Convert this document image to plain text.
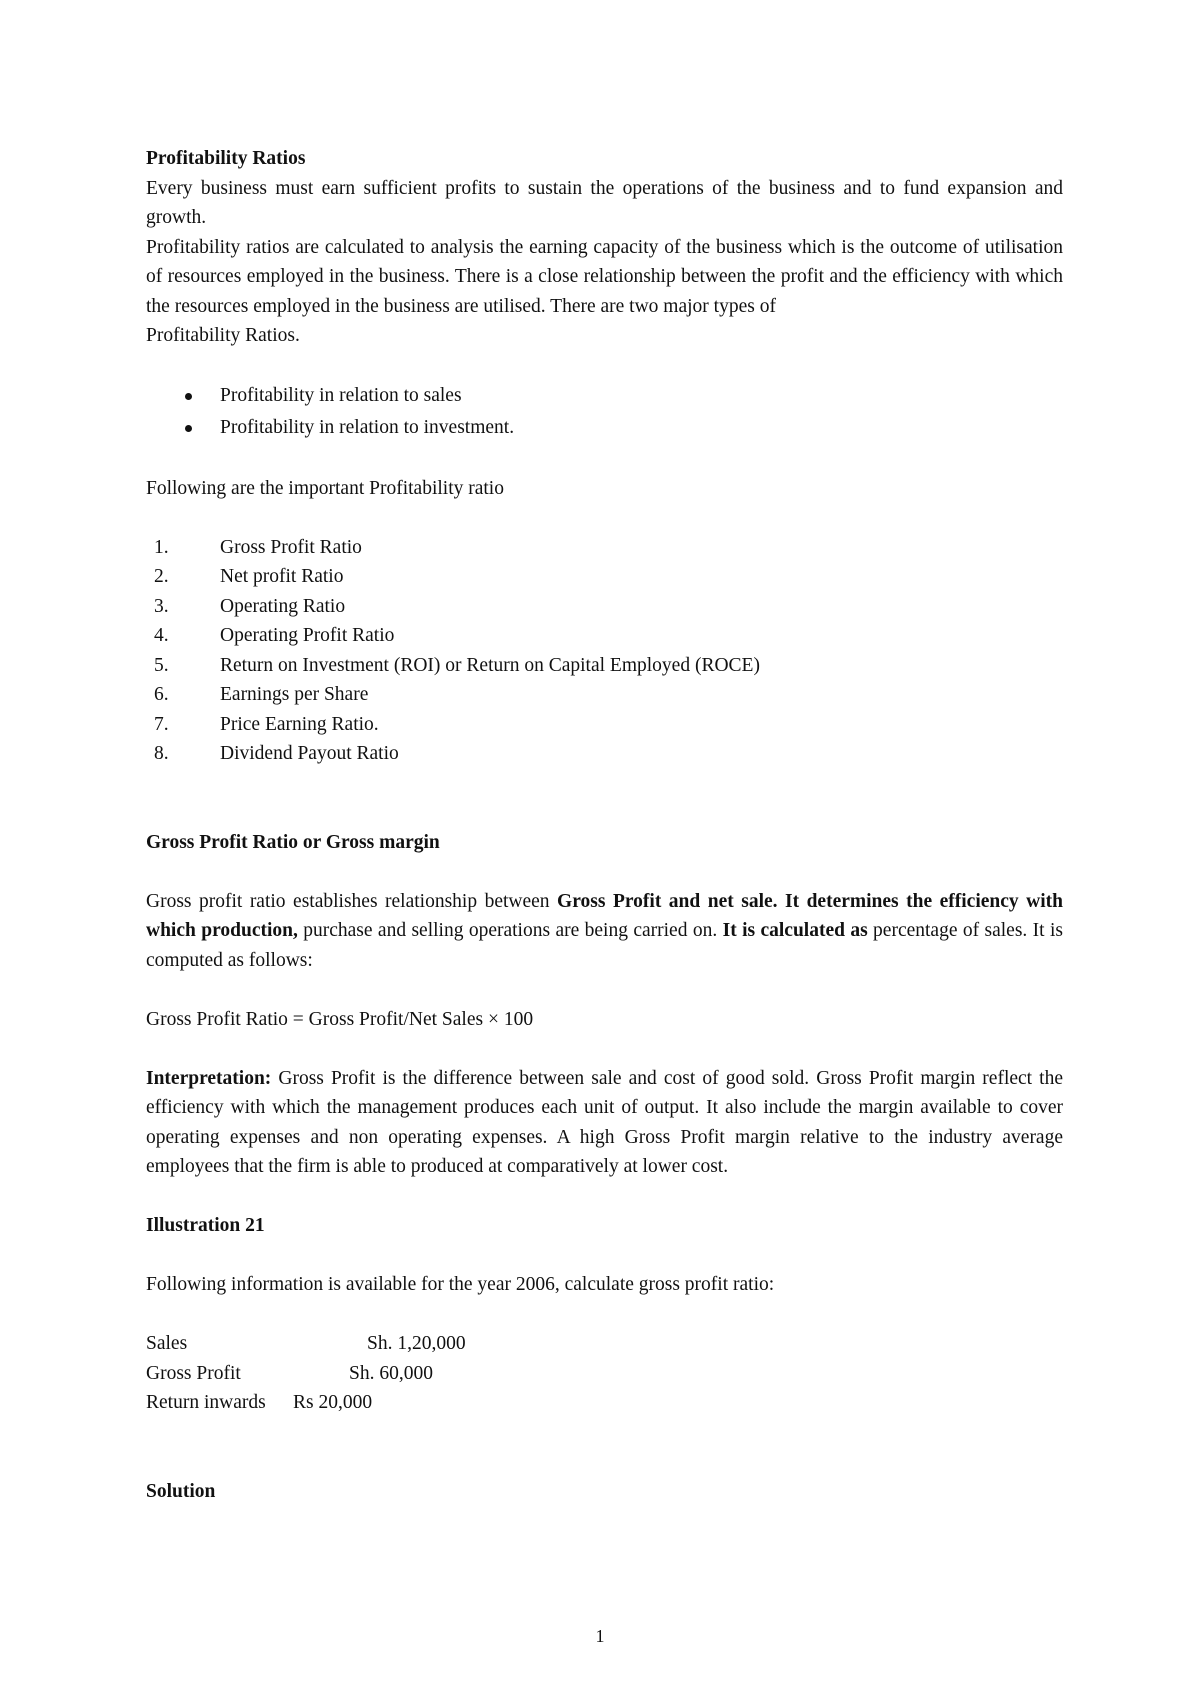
Profitability Ratios

Every business must earn sufficient profits to sustain the operations of the business and to fund expansion and growth.

Profitability ratios are calculated to analysis the earning capacity of the business which is the outcome of utilisation of resources employed in the business. There is a close relationship between the profit and the efficiency with which the resources employed in the business are utilised. There are two major types of

Profitability Ratios.

Profitability in relation to sales
Profitability in relation to investment.

Following are the important Profitability ratio

1.	Gross Profit Ratio
2.	Net profit Ratio
3.	Operating Ratio
4.	Operating Profit Ratio
5.	Return on Investment (ROI) or Return on Capital Employed (ROCE)
6.	Earnings per Share
7.	Price Earning Ratio.
8.	Dividend Payout Ratio

Gross Profit Ratio or Gross margin

Gross profit ratio establishes relationship between Gross Profit and net sale. It determines the efficiency with which production, purchase and selling operations are being carried on. It is calculated as percentage of sales. It is computed as follows:

Gross Profit Ratio = Gross Profit/Net Sales × 100

Interpretation: Gross Profit is the difference between sale and cost of good sold. Gross Profit margin reflect the efficiency with which the management produces each unit of output. It also include the margin available to cover operating expenses and non operating expenses. A high Gross Profit margin relative to the industry average employees that the firm is able to produced at comparatively at lower cost.

Illustration 21

Following information is available for the year 2006, calculate gross profit ratio:

Sales	Sh. 1,20,000
Gross Profit	Sh. 60,000
Return inwards Rs 20,000

Solution

1
